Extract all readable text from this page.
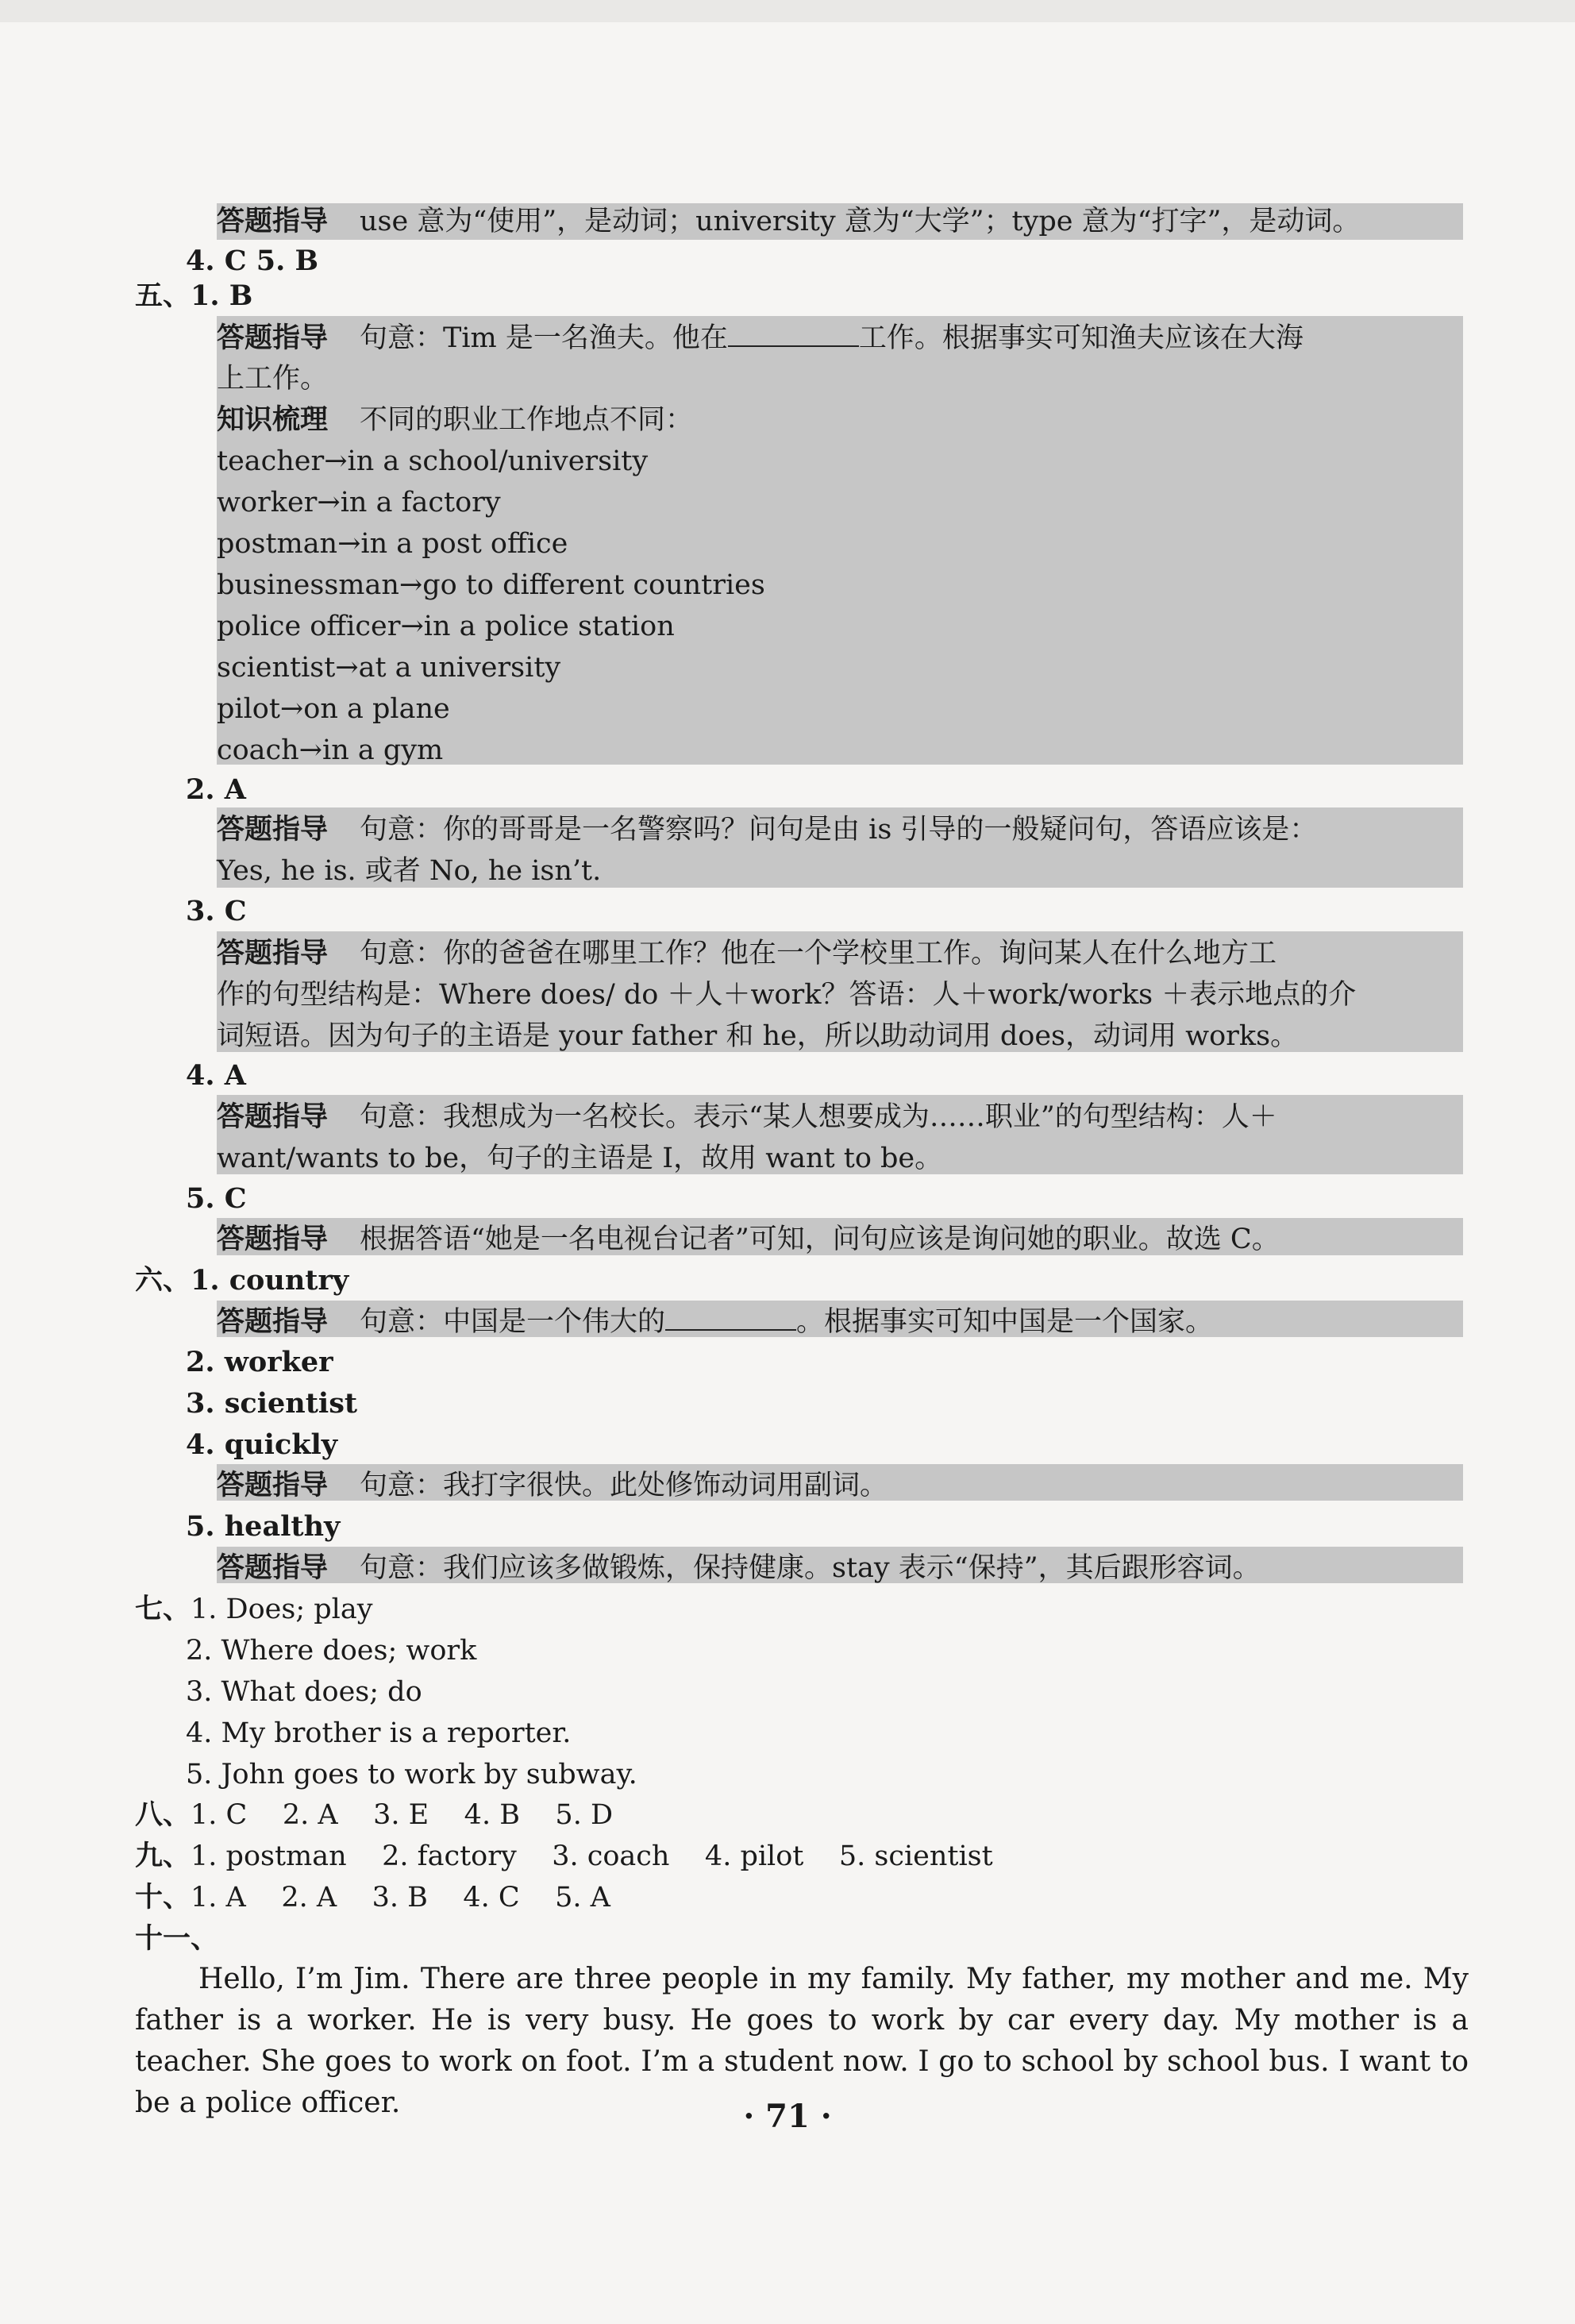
答题指导 use 意为“使用”，是动词；university 意为“大学”；type 意为“打字”，是动词。
4. C 5. B
五、1. B
答题指导 句意：Tim 是一名渔夫。他在	工作。根据事实可知渔夫应该在大海
上工作。
知识梳理 不同的职业工作地点不同：
teacher→in a school/university
worker→in a factory
postman→in a post office
businessman→go to different countries
police officer→in a police station
scientist→at a university
pilot→on a plane
coach→in a gym
2. A
答题指导 句意：你的哥哥是一名警察吗？问句是由 is 引导的一般疑问句，答语应该是：
Yes, he is. 或者 No, he isn’t.
3. C
答题指导 句意：你的爸爸在哪里工作？他在一个学校里工作。询问某人在什么地方工
作的句型结构是：Where does/ do ＋人＋work？答语：人＋work/works ＋表示地点的介
词短语。因为句子的主语是 your father 和 he，所以助动词用 does，动词用 works。
4. A
答题指导 句意：我想成为一名校长。表示“某人想要成为……职业”的句型结构：人＋
want/wants to be，句子的主语是 I，故用 want to be。
5. C
答题指导 根据答语“她是一名电视台记者”可知，问句应该是询问她的职业。故选 C。
六、1. country
答题指导 句意：中国是一个伟大的	。根据事实可知中国是一个国家。
2. worker
3. scientist
4. quickly
答题指导 句意：我打字很快。此处修饰动词用副词。
5. healthy
答题指导 句意：我们应该多做锻炼，保持健康。stay 表示“保持”，其后跟形容词。
七、1. Does; play
2. Where does; work
3. What does; do
4. My brother is a reporter.
5. John goes to work by subway.
八、1. C    2. A    3. E    4. B    5. D
九、1. postman    2. factory    3. coach    4. pilot    5. scientist
十、1. A    2. A    3. B    4. C    5. A
十一、

Hello, I’m Jim. There are three people in my family. My father, my mother and me. My father is a worker. He is very busy. He goes to work by car every day. My mother is a teacher. She goes to work on foot. I’m a student now. I go to school by school bus. I want to be a police officer.	· 71 ·
